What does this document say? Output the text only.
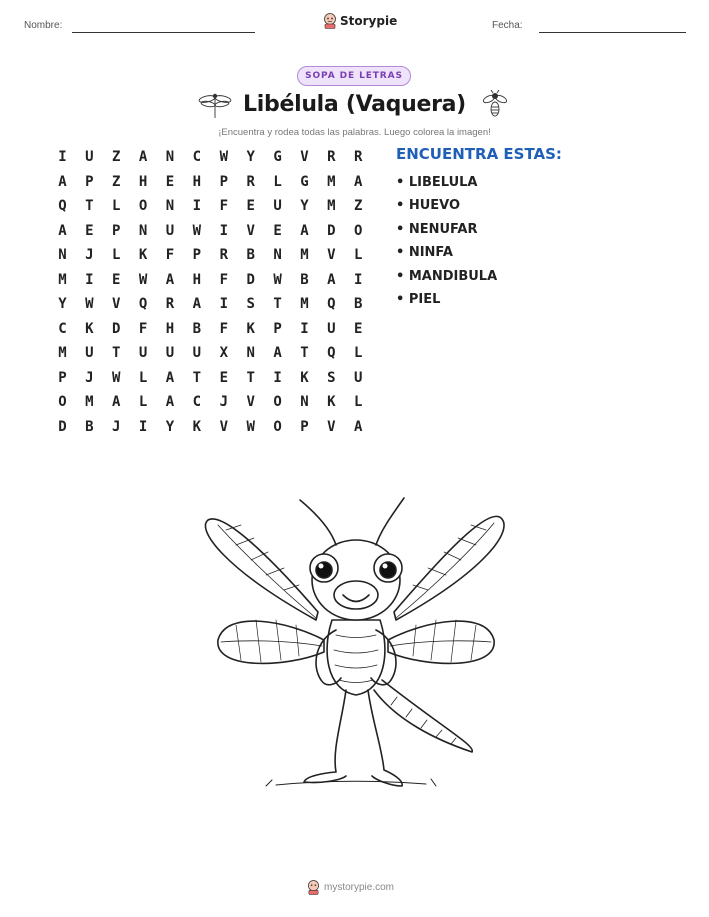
Nombre:	Storypie	Fecha:
SOPA DE LETRAS
Libélula (Vaquera)
¡Encuentra y rodea todas las palabras. Luego colorea la imagen!
I	U	Z	A	N	C	W	Y	G	V	R	R
A	P	Z	H	E	H	P	R	L	G	M	A
Q	T	L	O	N	I	F	E	U	Y	M	Z
A	E	P	N	U	W	I	V	E	A	D	O
N	J	L	K	F	P	R	B	N	M	V	L
M	I	E	W	A	H	F	D	W	B	A	I
Y	W	V	Q	R	A	I	S	T	M	Q	B
C	K	D	F	H	B	F	K	P	I	U	E
M	U	T	U	U	U	X	N	A	T	Q	L
P	J	W	L	A	T	E	T	I	K	S	U
O	M	A	L	A	C	J	V	O	N	K	L
D	B	J	I	Y	K	V	W	O	P	V	A
ENCUENTRA ESTAS:
• LIBELULA
• HUEVO
• NENUFAR
• NINFA
• MANDIBULA
• PIEL
mystorypie.com
